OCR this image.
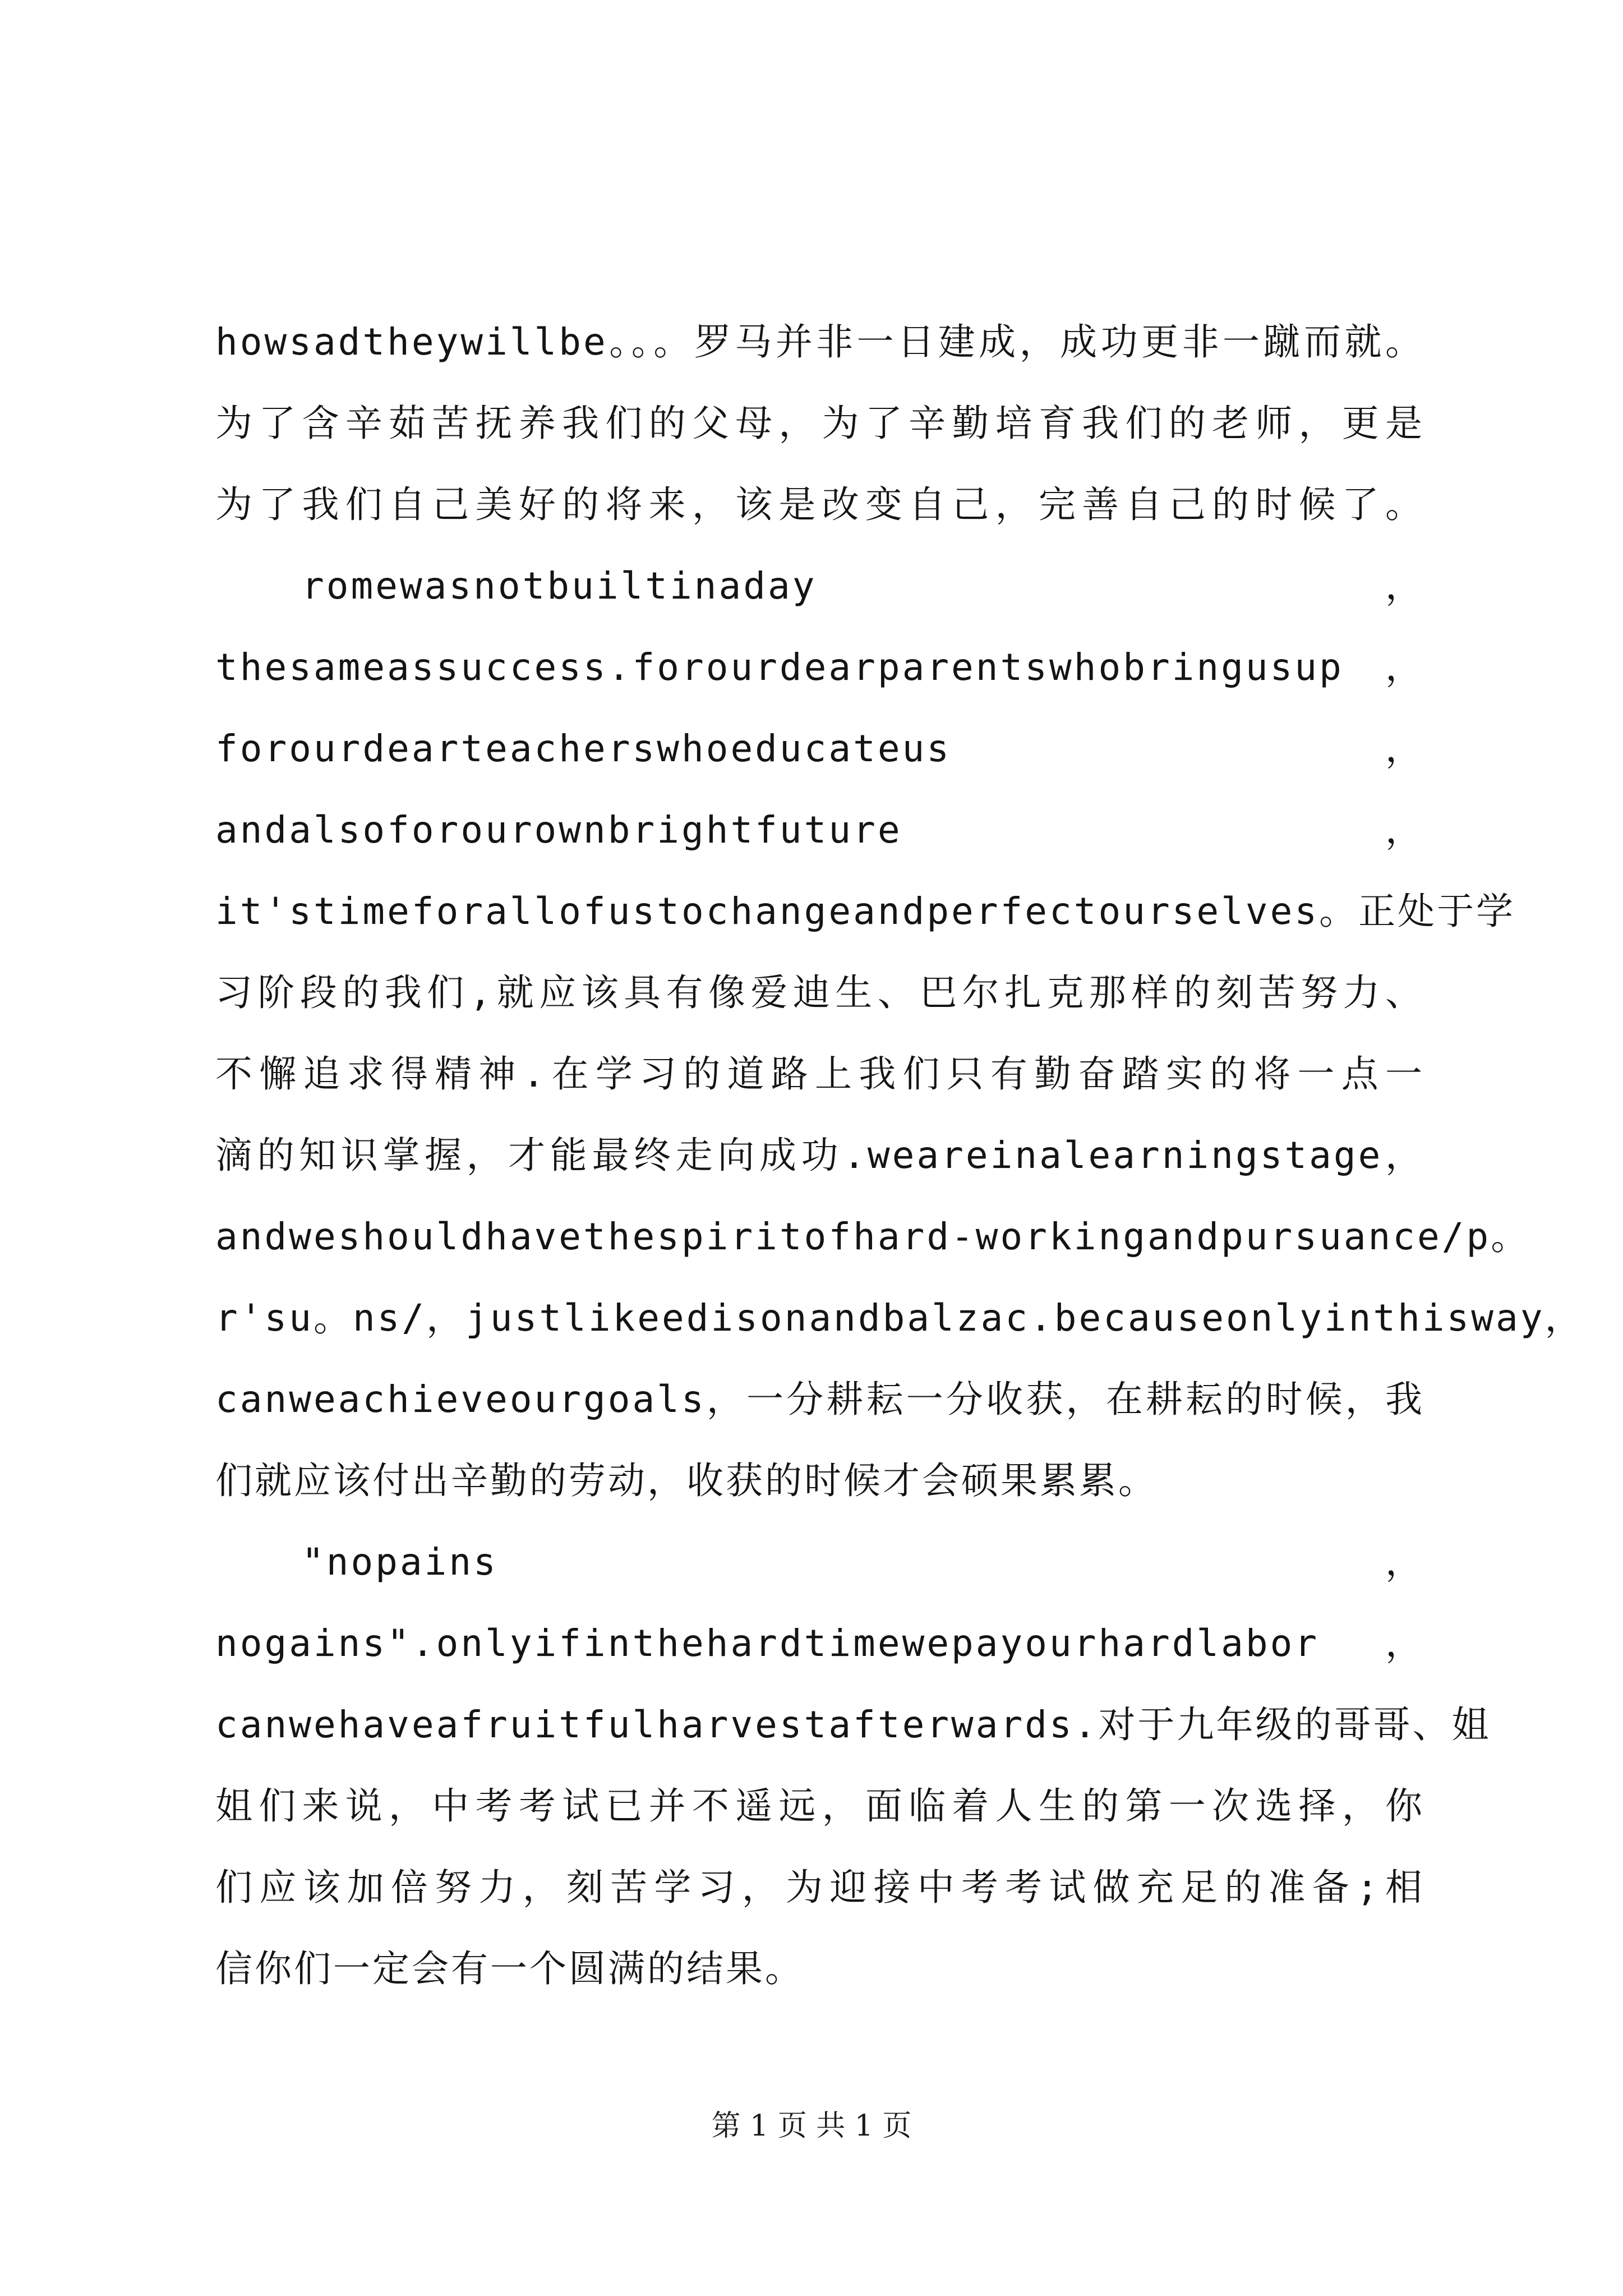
howsadtheywillbe。。。罗马并非一日建成，成功更非一蹴而就。
为了含辛茹苦抚养我们的父母，为了辛勤培育我们的老师，更是
为了我们自己美好的将来，该是改变自己，完善自己的时候了。
romewasnotbuiltinaday	，
thesameassuccess.forourdearparentswhobringusup ，
forourdearteacherswhoeducateus	，
andalsoforourownbrightfuture	，
it'stimeforallofustochangeandperfectourselves。正处于学
习阶段的我们,就应该具有像爱迪生、巴尔扎克那样的刻苦努力、
不懈追求得精神.在学习的道路上我们只有勤奋踏实的将一点一
滴的知识掌握，才能最终走向成功.weareinalearningstage，
andweshouldhavethespiritofhard-workingandpursuance/p 。
r'su。ns/，justlikeedisonandbalzac.becauseonlyinthisway，
canweachieveourgoals，一分耕耘一分收获，在耕耘的时候，我
们就应该付出辛勤的劳动，收获的时候才会硕果累累。
"nopains	，
nogains".onlyifinthehardtimewepayourhardlabor ，
canwehaveafruitfulharvestafterwards.对于九年级的哥哥、姐
姐们来说，中考考试已并不遥远，面临着人生的第一次选择，你
们应该加倍努力，刻苦学习，为迎接中考考试做充足的准备;相
信你们一定会有一个圆满的结果。
第 1 页 共 1 页
